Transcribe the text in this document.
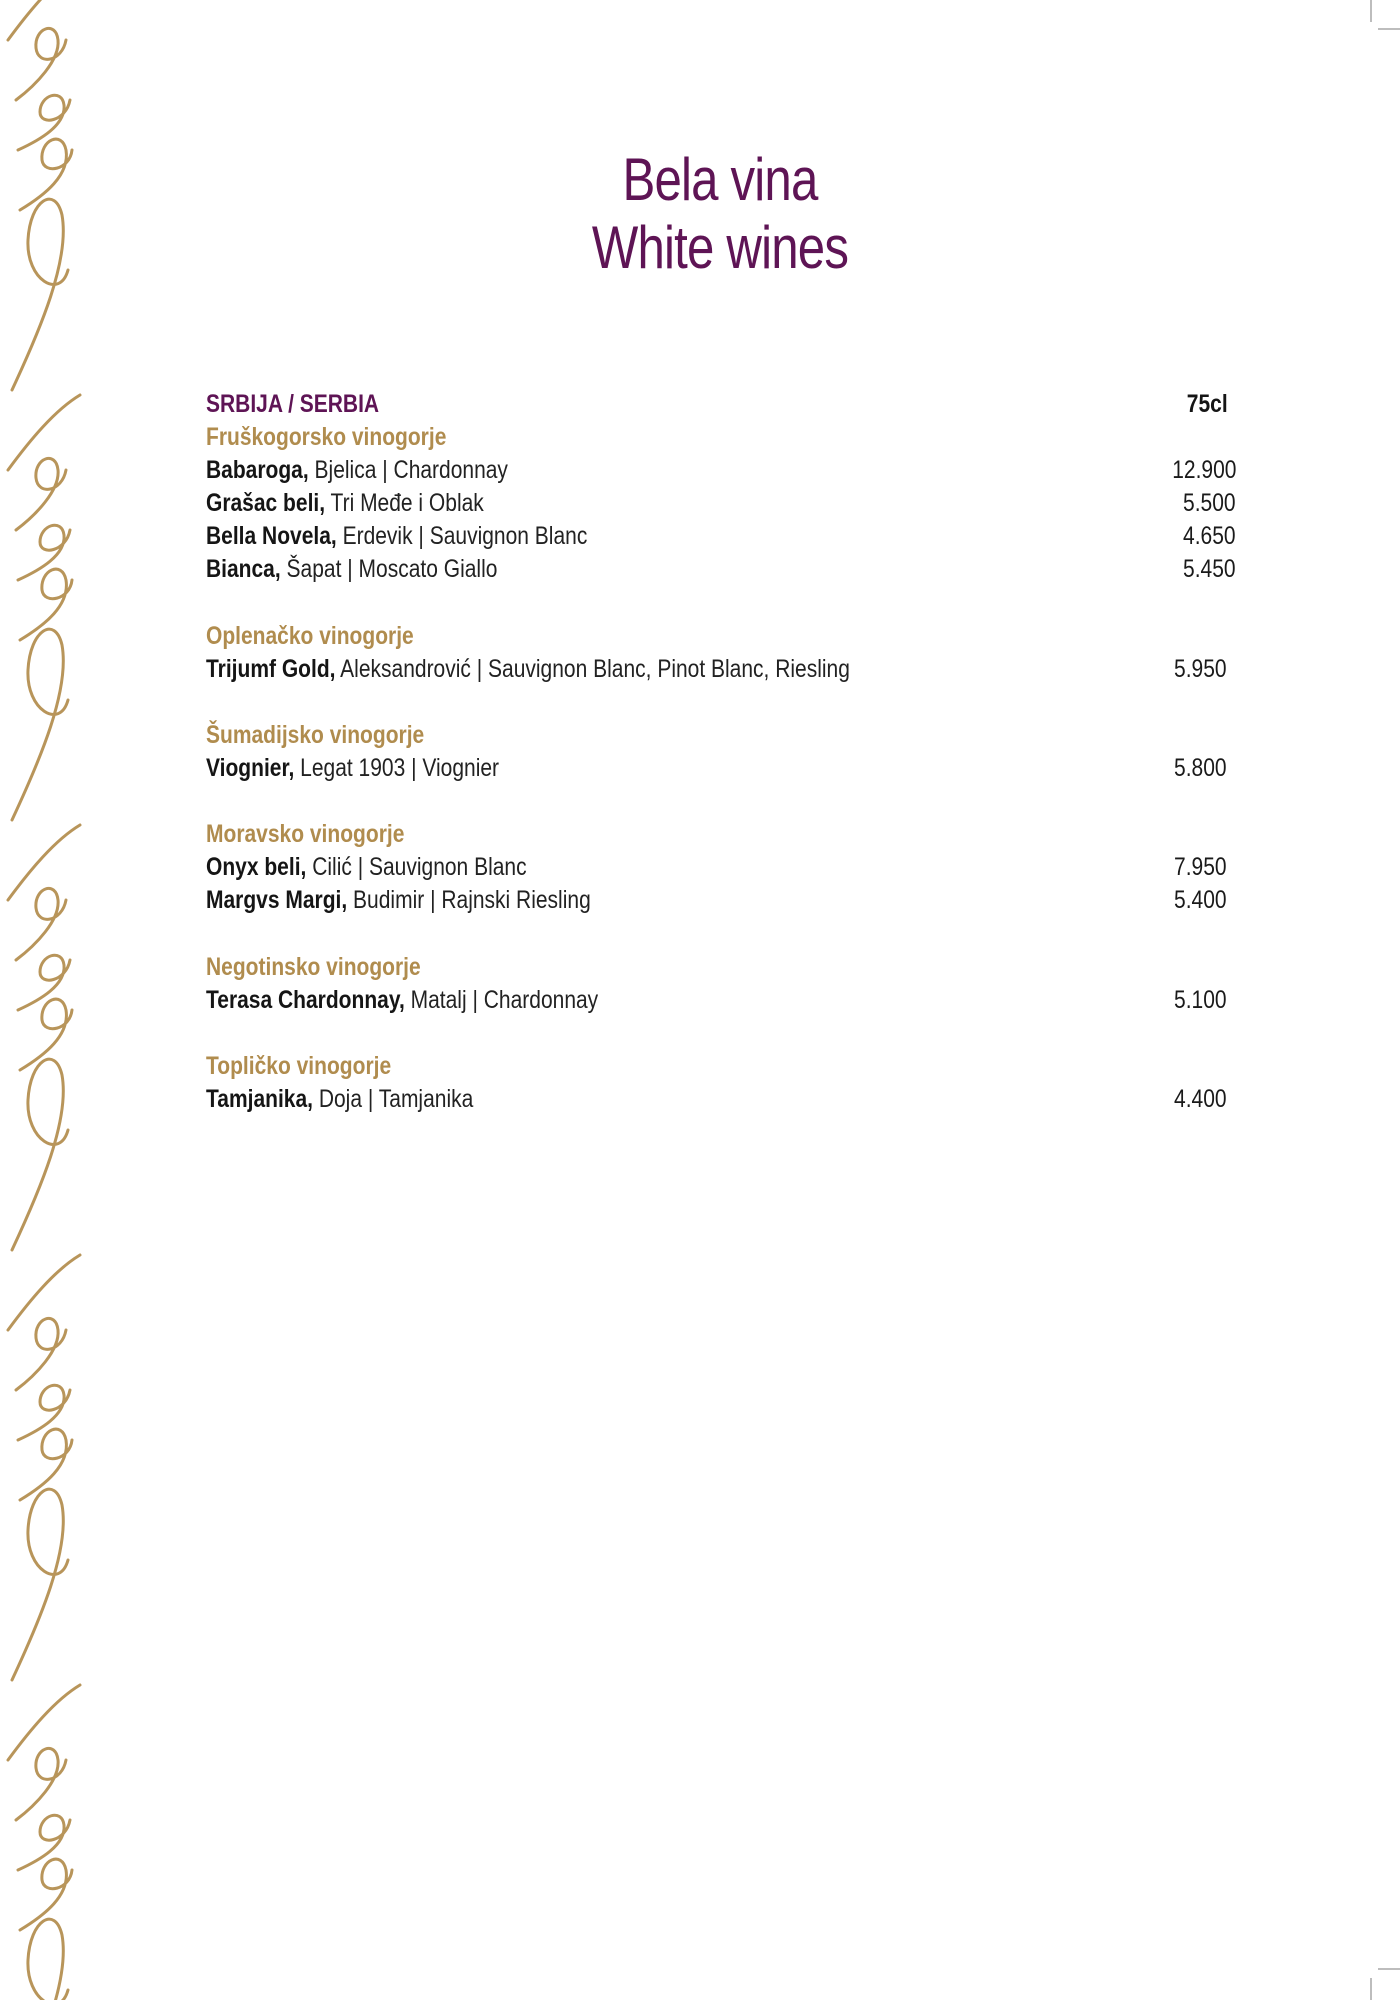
Bela vina
White wines
SRBIJA / SERBIA	75cl
Fruškogorsko vinogorje
Babaroga, Bjelica | Chardonnay	12.900
Grašac beli, Tri Međe i Oblak	5.500
Bella Novela, Erdevik | Sauvignon Blanc	4.650
Bianca, Šapat | Moscato Giallo	5.450
Oplenačko vinogorje
Trijumf Gold, Aleksandrović | Sauvignon Blanc, Pinot Blanc, Riesling	5.950
Šumadijsko vinogorje
Viognier, Legat 1903 | Viognier	5.800
Moravsko vinogorje
Onyx beli, Cilić | Sauvignon Blanc	7.950
Margvs Margi, Budimir | Rajnski Riesling	5.400
Negotinsko vinogorje
Terasa Chardonnay, Matalj | Chardonnay	5.100
Topličko vinogorje
Tamjanika, Doja | Tamjanika	4.400
